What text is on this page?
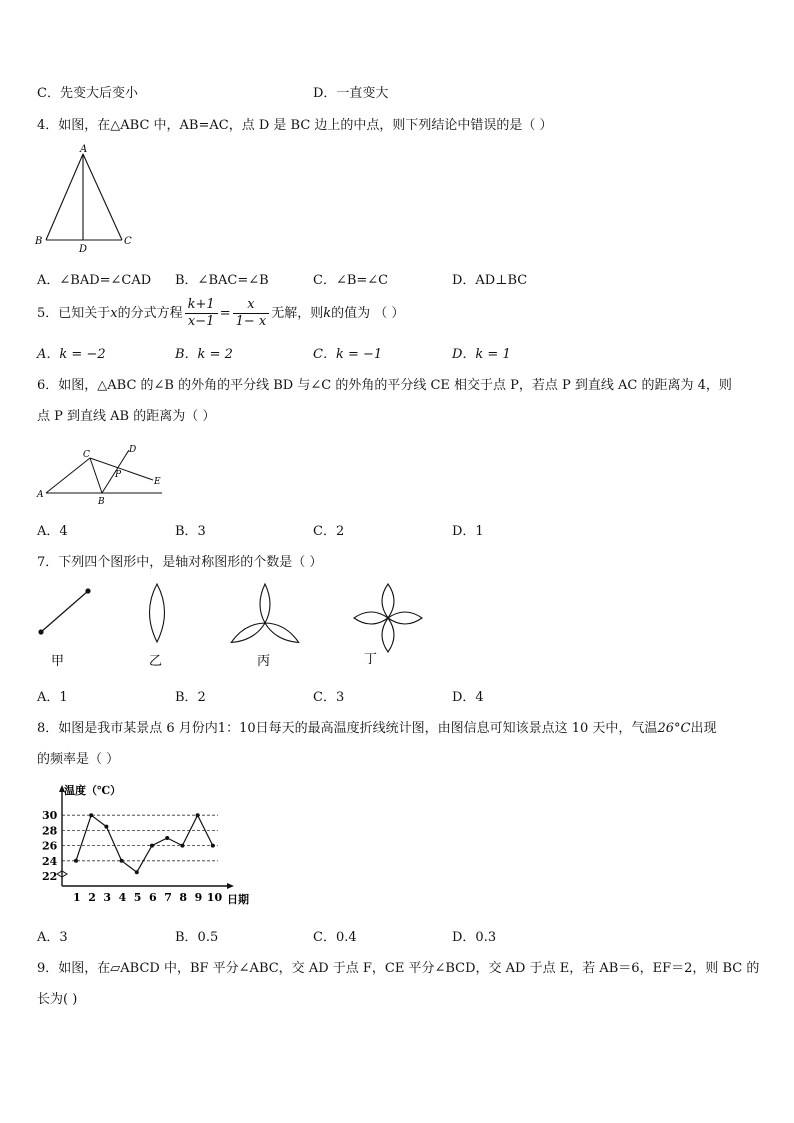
C．先变大后变小	D．一直变大
4．如图，在△ABC 中，AB=AC，点 D 是 BC 边上的中点，则下列结论中错误的是（ ）
A
B
D
C
A．∠BAD=∠CAD B．∠BAC=∠B	C．∠B=∠C	D．AD⊥BC
5．已知关于x的分式方程 $\frac{k+1}{x-1} = \frac{x}{1- x}$ 无解，则k的值为 （ ）
A．k = −2	B．k = 2	C．k = −1	D．k = 1
6．如图，△ABC 的∠B 的外角的平分线 BD 与∠C 的外角的平分线 CE 相交于点 P，若点 P 到直线 AC 的距离为 4，则
点 P 到直线 AB 的距离为（ ）
A
B
C	D
P
E
A．4	B．3	C．2	D．1
7．下列四个图形中，是轴对称图形的个数是（ ）
甲	乙	丙	丁
A．1	B．2	C．3	D．4
8．如图是我市某景点 6 月份内1：10日每天的最高温度折线统计图，由图信息可知该景点这 10 天中，气温26°C出现
的频率是（ ）
温度（℃）
日期
22
24
26
28
30
1 2 3 4 5 6 7 8 9 10
A．3	B．0.5	C．0.4	D．0.3
9．如图，在▱ABCD 中，BF 平分∠ABC，交 AD 于点 F，CE 平分∠BCD，交 AD 于点 E，若 AB＝6，EF＝2，则 BC 的
长为( )
